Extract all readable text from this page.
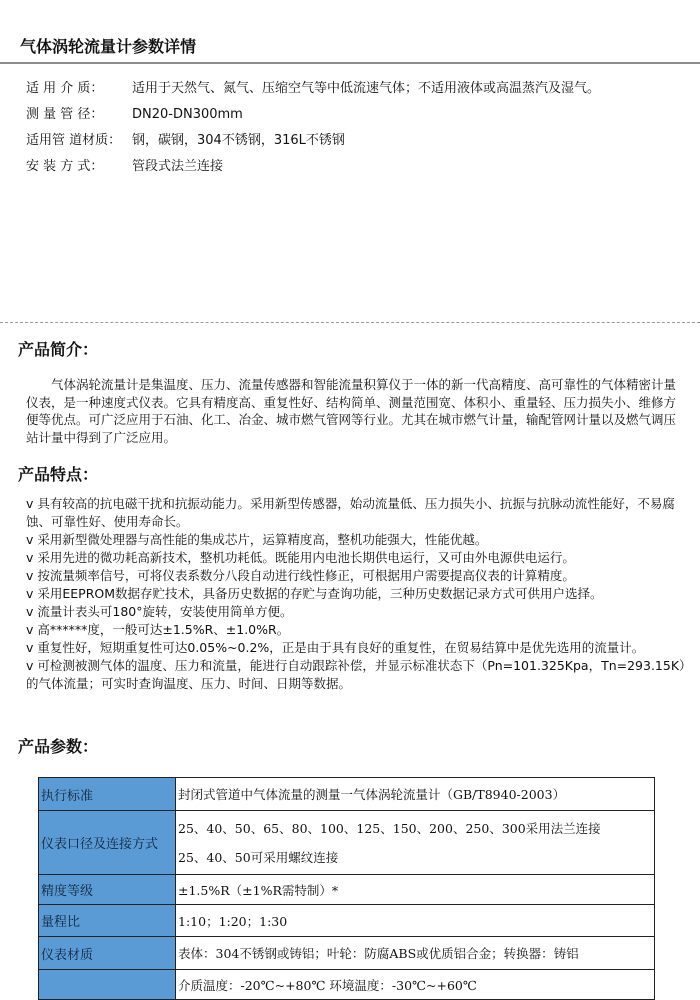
气体涡轮流量计参数详情
适 用 介 质：	适用于天然气、氮气、压缩空气等中低流速气体；不适用液体或高温蒸汽及湿气。
测 量 管 径：	DN20-DN300mm
适用管 道材质： 钢，碳钢，304不锈钢，316L不锈钢
安 装 方 式：	管段式法兰连接
产品简介：

气体涡轮流量计是集温度、压力、流量传感器和智能流量积算仪于一体的新一代高精度、高可靠性的气体精密计量仪表，是一种速度式仪表。它具有精度高、重复性好、结构简单、测量范围宽、体积小、重量轻、压力损失小、维修方便等优点。可广泛应用于石油、化工、冶金、城市燃气管网等行业。尤其在城市燃气计量，输配管网计量以及燃气调压站计量中得到了广泛应用。

产品特点：
v 具有较高的抗电磁干扰和抗振动能力。采用新型传感器，始动流量低、压力损失小、抗振与抗脉动流性能好，不易腐蚀、可靠性好、使用寿命长。
v 采用新型微处理器与高性能的集成芯片，运算精度高，整机功能强大，性能优越。
v 采用先进的微功耗高新技术，整机功耗低。既能用内电池长期供电运行，又可由外电源供电运行。
v 按流量频率信号，可将仪表系数分八段自动进行线性修正，可根据用户需要提高仪表的计算精度。
v 采用EEPROM数据存贮技术，具备历史数据的存贮与查询功能，三种历史数据记录方式可供用户选择。
v 流量计表头可180°旋转，安装使用简单方便。
v 高******度，一般可达±1.5%R、±1.0%R。
v 重复性好，短期重复性可达0.05%~0.2%，正是由于具有良好的重复性，在贸易结算中是优先选用的流量计。
v 可检测被测气体的温度、压力和流量，能进行自动跟踪补偿，并显示标准状态下（Pn=101.325Kpa，Tn=293.15K）的气体流量；可实时查询温度、压力、时间、日期等数据。
产品参数：
执行标准	封闭式管道中气体流量的测量一气体涡轮流量计（GB/T8940-2003）
仪表口径及连接方式	25、40、50、65、80、100、125、150、200、250、300采用法兰连接
25、40、50可采用螺纹连接

精度等级	±1.5%R（±1%R需特制）*
量程比	1:10；1:20；1:30
仪表材质	表体：304不锈钢或铸铝；叶轮：防腐ABS或优质铝合金；转换器：铸铝
	介质温度：-20℃~+80℃ 环境温度：-30℃~+60℃
